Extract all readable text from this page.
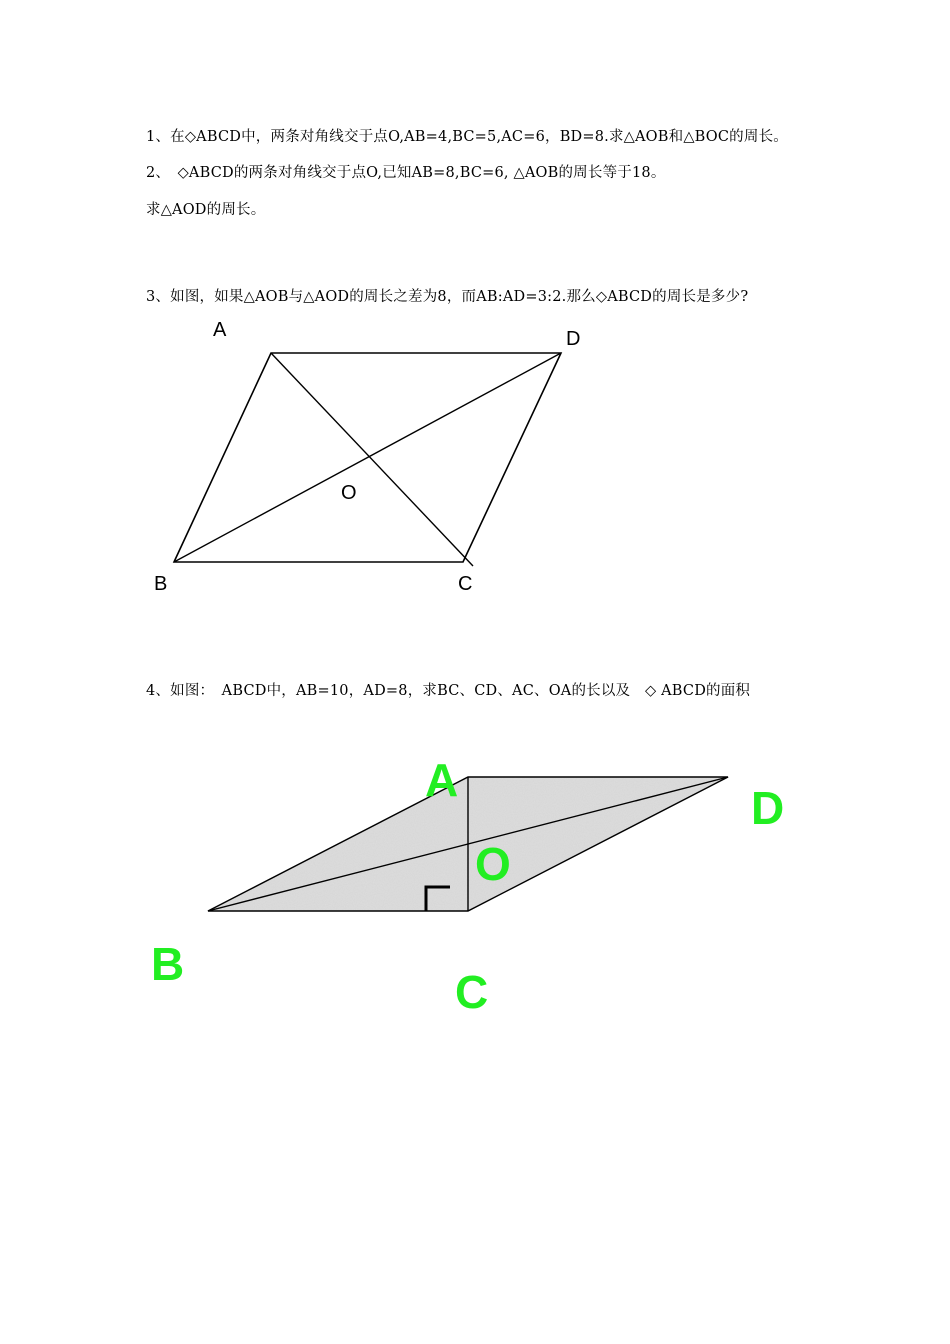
1、在◇ABCD中，两条对角线交于点O,AB=4,BC=5,AC=6，BD=8.求△AOB和△BOC的周长。
2、　◇ABCD的两条对角线交于点O,已知AB=8,BC=6, △AOB的周长等于18。
求△AOD的周长。
3、如图，如果△AOB与△AOD的周长之差为8，而AB:AD=3:2.那么◇ABCD的周长是多少?
4、如图：　ABCD中，AB=10，AD=8，求BC、CD、AC、OA的长以及　◇ ABCD的面积
A	D
O
B	C
A
D
O
B
C
